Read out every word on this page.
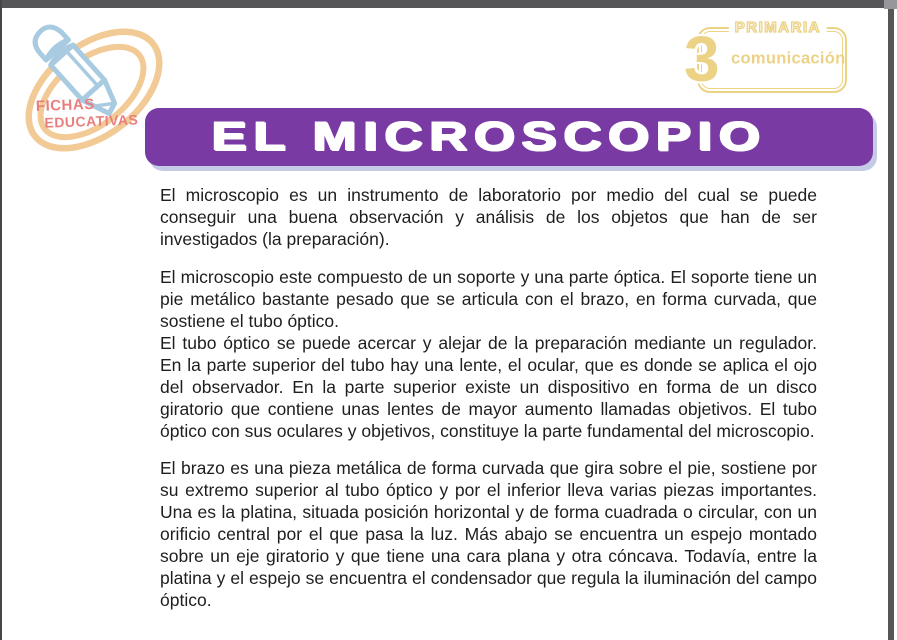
FICHAS
EDUCATIVAS
PRIMARIA
3 comunicación
EL MICROSCOPIO

El microscopio es un instrumento de laboratorio por medio del cual se puede conseguir una buena observación y análisis de los objetos que han de ser investigados (la preparación).

El microscopio este compuesto de un soporte y una parte óptica. El soporte tiene un pie metálico bastante pesado que se articula con el brazo, en forma curvada, que sostiene el tubo óptico.

El tubo óptico se puede acercar y alejar de la preparación mediante un regulador. En la parte superior del tubo hay una lente, el ocular, que es donde se aplica el ojo del observador. En la parte superior existe un dispositivo en forma de un disco giratorio que contiene unas lentes de mayor aumento llamadas objetivos. El tubo óptico con sus oculares y objetivos, constituye la parte fundamental del microscopio.

El brazo es una pieza metálica de forma curvada que gira sobre el pie, sostiene por su extremo superior al tubo óptico y por el inferior lleva varias piezas importantes. Una es la platina, situada posición horizontal y de forma cuadrada o circular, con un orificio central por el que pasa la luz. Más abajo se encuentra un espejo montado sobre un eje giratorio y que tiene una cara plana y otra cóncava. Todavía, entre la platina y el espejo se encuentra el condensador que regula la iluminación del campo óptico.
